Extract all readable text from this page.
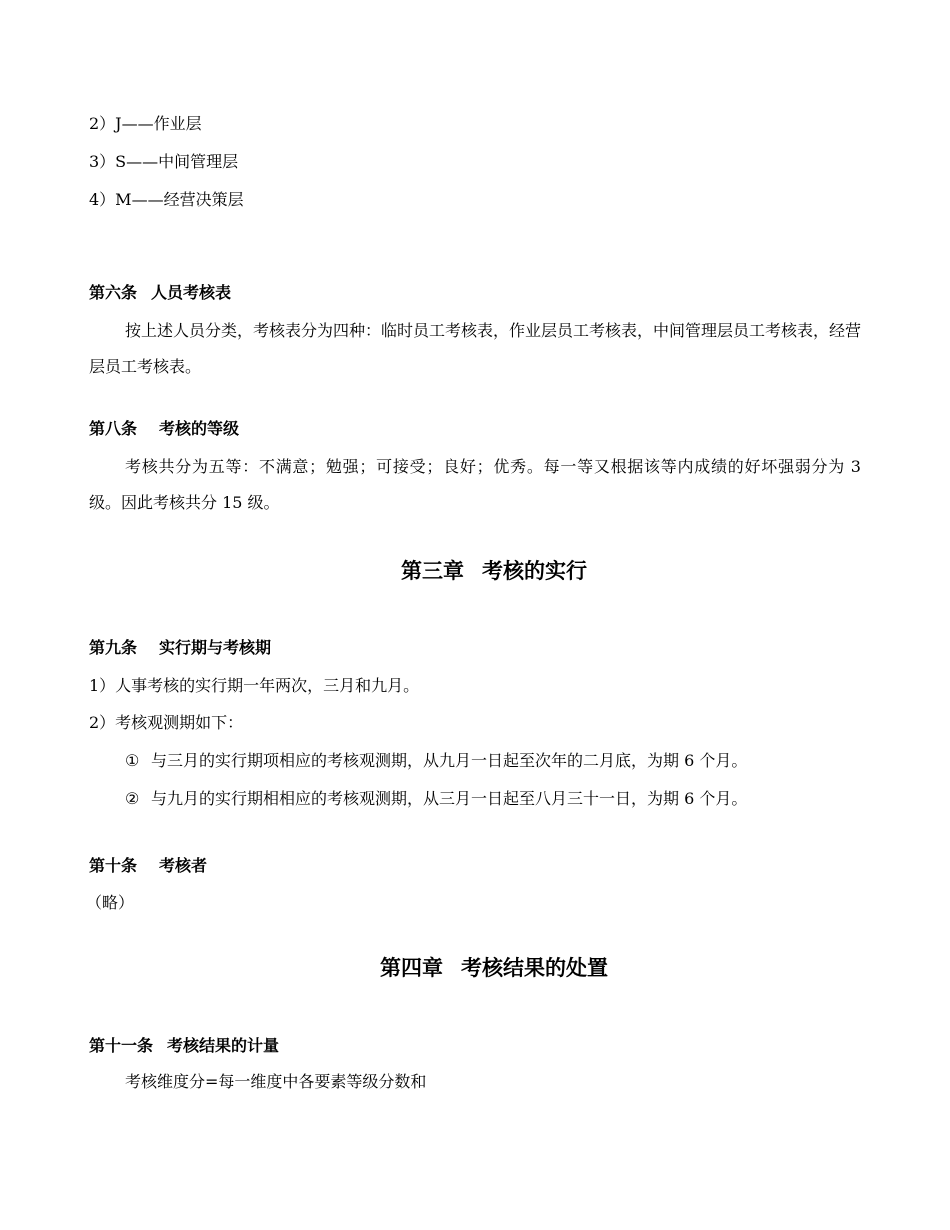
2）J——作业层
3）S——中间管理层
4）M——经营决策层
第六条 人员考核表
按上述人员分类，考核表分为四种：临时员工考核表，作业层员工考核表，中间管理层员工考核表，经营层员工考核表。
第八条 考核的等级
考核共分为五等：不满意；勉强；可接受；良好；优秀。每一等又根据该等内成绩的好坏强弱分为 3 级。因此考核共分 15 级。
第三章 考核的实行
第九条 实行期与考核期
1）人事考核的实行期一年两次，三月和九月。
2）考核观测期如下：
① 与三月的实行期项相应的考核观测期，从九月一日起至次年的二月底，为期 6 个月。
② 与九月的实行期相相应的考核观测期，从三月一日起至八月三十一日，为期 6 个月。
第十条 考核者
（略）
第四章 考核结果的处置
第十一条 考核结果的计量
考核维度分=每一维度中各要素等级分数和
